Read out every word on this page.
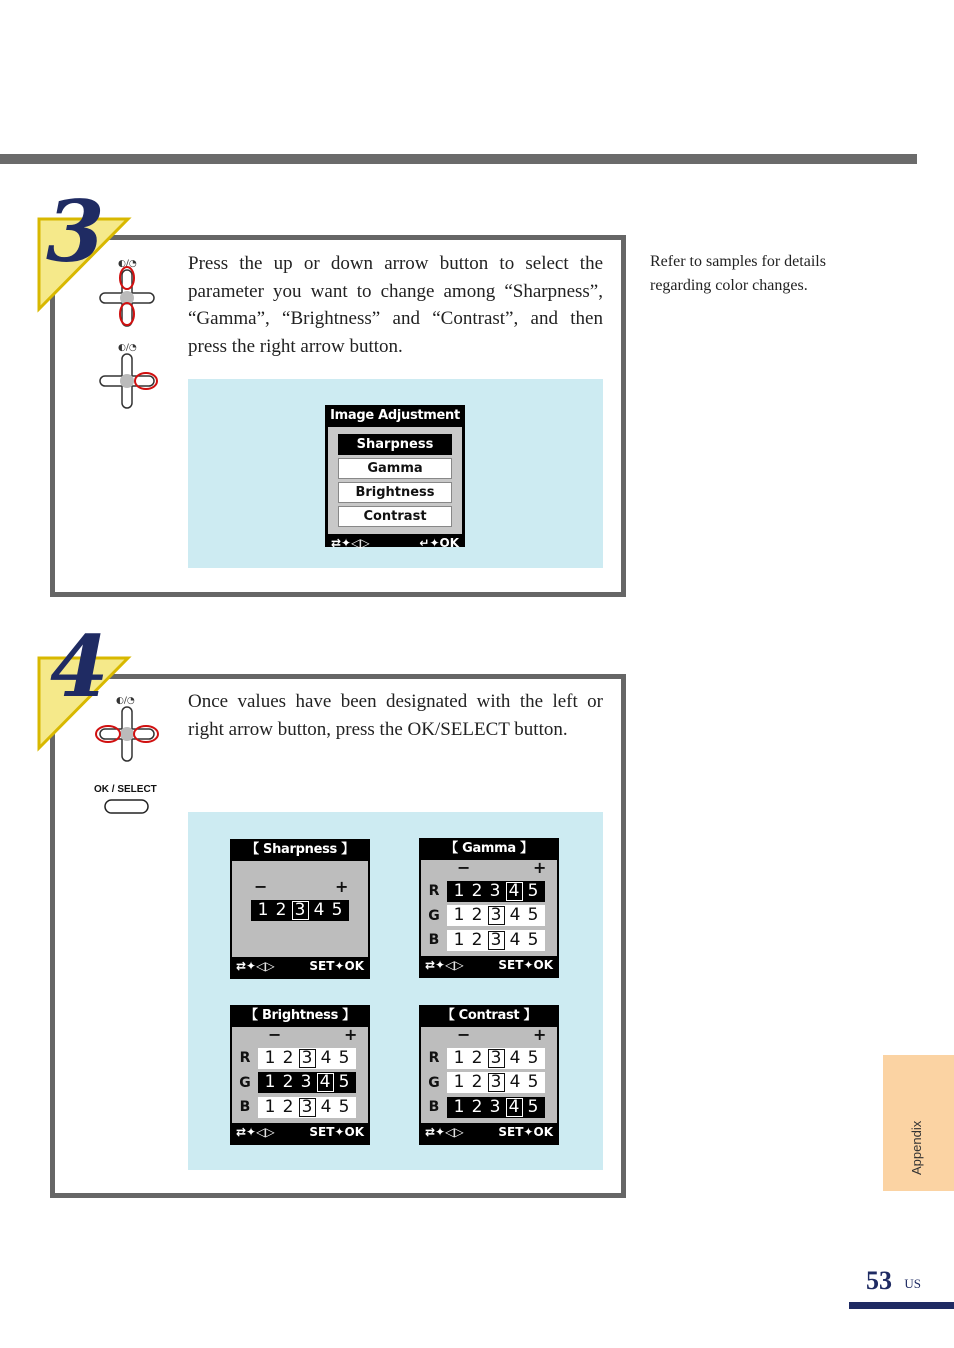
3 ◐/◔
◐/◔
Press the up or down arrow button to select the parameter you want to change among “Sharpness”, “Gamma”, “Brightness” and “Contrast”, and then press the right arrow button.
Image Adjustment
Sharpness
Gamma
Brightness
Contrast
⇄✦◁▷	↵✦OK
Refer to samples for details regarding color changes.
4 ◐/◔
OK / SELECT
Once values have been designated with the left or right arrow button, press the OK/SELECT button.
【 Sharpness 】
−	+
1 2 3 4 5
⇄✦◁▷	SET✦OK
【 Gamma 】
−	+
R 1 2 3 4 5
G 1 2 3 4 5
B 1 2 3 4 5
⇄✦◁▷	SET✦OK
【 Brightness 】
−	+
R 1 2 3 4 5
G 1 2 3 4 5
B 1 2 3 4 5
⇄✦◁▷	SET✦OK
【 Contrast 】
−	+
R 1 2 3 4 5
G 1 2 3 4 5
B 1 2 3 4 5
⇄✦◁▷	SET✦OK	Appendix
53 US
